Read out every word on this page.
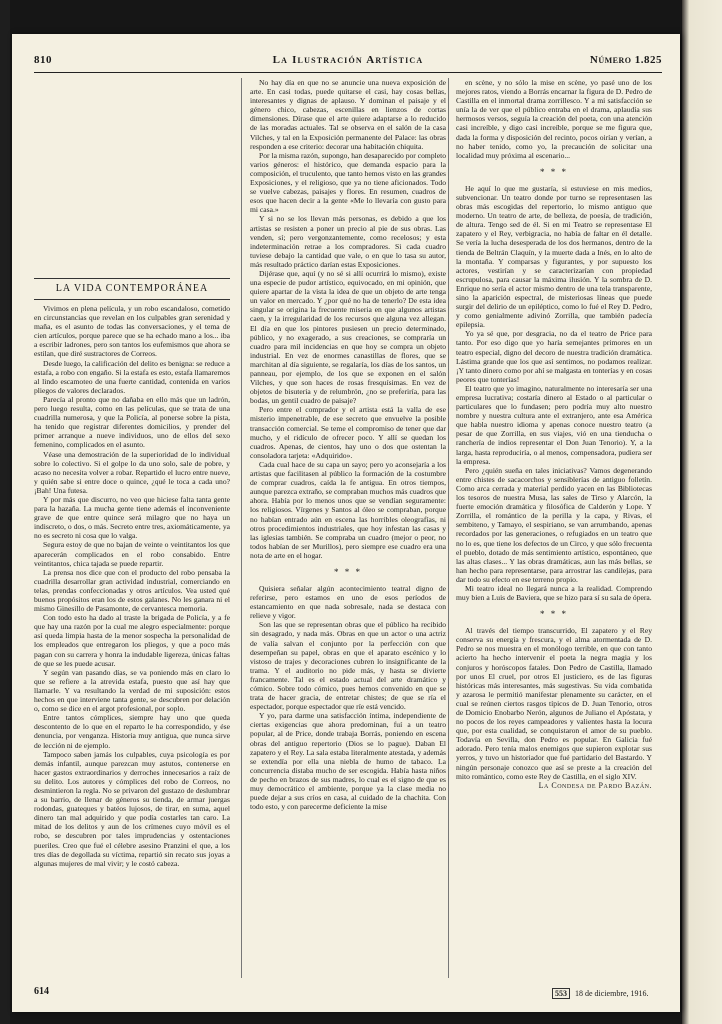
810	La Ilustración Artística	Número 1.825
LA VIDA CONTEMPORÁNEA

Vivimos en plena película, y un robo escandaloso, cometido en circunstancias que revelan en los culpables gran serenidad y maña, es el asunto de todas las conversaciones, y el tema de cien artículos, porque parece que se ha echado mano a los... iba a escribir ladrones, pero son tantos los eufemismos que ahora se estilan, que diré sustractores de Correos.

Desde luego, la calificación del delito es benigna: se reduce a estafa, a robo con engaño. Si la estafa es esto, estafa llamaremos al lindo escamoteo de una fuerte cantidad, contenida en varios pliegos de valores declarados.

Parecía al pronto que no dañaba en ello más que un ladrón, pero luego resulta, como en las películas, que se trata de una cuadrilla numerosa, y que la Policía, al ponerse sobre la pista, ha tenido que registrar diferentes domicilios, y prender del primer arranque a nueve individuos, uno de ellos del sexo femenino, complicados en el asunto.

Véase una demostración de la superioridad de lo individual sobre lo colectivo. Si el golpe lo da uno solo, sale de pobre, y acaso no necesita volver a robar. Repartido el lucro entre nueve, y quién sabe si entre doce o quince, ¿qué le toca a cada uno? ¡Bah! Una futesa.

Y por más que discurro, no veo que hiciese falta tanta gente para la hazaña. La mucha gente tiene además el inconveniente grave de que entre quince será milagro que no haya un indiscreto, o dos, o más. Secreto entre tres, axiomáticamente, ya no es secreto ni cosa que lo valga.

Segura estoy de que no bajan de veinte o veintitantos los que aparecerán complicados en el robo consabido. Entre veintitantos, chica tajada se puede repartir.

La prensa nos dice que con el producto del robo pensaba la cuadrilla desarrollar gran actividad industrial, comerciando en telas, prendas confeccionadas y otros artículos. Vea usted qué buenos propósitos eran los de estos galanes. No les ganara ni el mismo Ginesillo de Pasamonte, de cervantesca memoria.

Con todo esto ha dado al traste la brigada de Policía, y a fe que hay una razón por la cual me alegro especialmente: porque así queda limpia hasta de la menor sospecha la personalidad de los empleados que entregaron los pliegos, y que a poco más pagan con su carrera y honra la indudable ligereza, únicas faltas de que se les puede acusar.

Y según van pasando días, se va poniendo más en claro lo que se refiere a la atrevida estafa, puesto que así hay que llamarle. Y va resultando la verdad de mi suposición: estos hechos en que interviene tanta gente, se descubren por delación o, como se dice en el argot profesional, por soplo.

Entre tantos cómplices, siempre hay uno que queda descontento de lo que en el reparto le ha correspondido, y ése denuncia, por venganza. Historia muy antigua, que nunca sirve de lección ni de ejemplo.

Tampoco saben jamás los culpables, cuya psicología es por demás infantil, aunque parezcan muy astutos, contenerse en hacer gastos extraordinarios y derroches innecesarios a raíz de su delito. Los autores y cómplices del robo de Correos, no desmintieron la regla. No se privaron del gustazo de deslumbrar a su barrio, de llenar de géneros su tienda, de armar juergas rodondas, guateques y batéos lujosos, de tirar, en suma, aquel dinero tan mal adquirido y que podía costarles tan caro. La mitad de los delitos y aun de los crímenes cuyo móvil es el robo, se descubren por tales imprudencias y ostentaciones pueriles. Creo que fué el célebre asesino Pranzini el que, a los tres días de degollada su víctima, repartió sin recato sus joyas a algunas mujeres de mal vivir; y le costó cabeza.

No hay día en que no se anuncie una nueva exposición de arte. En casi todas, puede quitarse el casi, hay cosas bellas, interesantes y dignas de aplauso. Y dominan el paisaje y el género chico, cabezas, escenillas en lienzos de cortas dimensiones. Dírase que el arte quiere adaptarse a lo reducido de las moradas actuales. Tal se observa en el salón de la casa Vilches, y tal en la Exposición permanente del Palace: las obras responden a ese criterio: decorar una habitación chiquita.

Por la misma razón, supongo, han desaparecido por completo varios géneros: el histórico, que demanda espacio para la composición, el truculento, que tanto hemos visto en las grandes Exposiciones, y el religioso, que ya no tiene aficionados. Todo se vuelve cabezas, paisajes y flores. En resumen, cuadros de esos que hacen decir a la gente «Me lo llevaría con gusto para mi casa.»

Y si no se los llevan más personas, es debido a que los artistas se resisten a poner un precio al pie de sus obras. Las venden, sí; pero vergonzantemente, como recelosos; y esta indeterminación retrae a los compradores. Si cada cuadro tuviese debajo la cantidad que vale, o en que lo tasa su autor, más resultado práctico darían estas Exposiciones.

Dijérase que, aquí (y no sé si allí ocurrirá lo mismo), existe una especie de pudor artístico, equivocado, en mi opinión, que quiere apartar de la vista la idea de que un objeto de arte tenga un valor en mercado. Y ¿por qué no ha de tenerlo? De esta idea singular se origina la frecuente miseria en que algunos artistas caen, y la irregularidad de los recursos que alguna vez allegan. El día en que los pintores pusiesen un precio determinado, público, y no exagerado, a sus creaciones, se compraría un cuadro para mil incidencias en que hoy se compra un objeto industrial. En vez de enormes canastillas de flores, que se marchitan al día siguiente, se regalaría, los días de los santos, un panneau, por ejemplo, de los que se exponen en el salón Vilches, y que son haces de rosas fresquísimas. En vez de objetos de bisutería y de relumbrón, ¿no se preferiría, para las bodas, un gentil cuadro de paisaje?

Pero entre el comprador y el artista está la valla de ese misterio impenetrable, de ese secreto que envuelve la posible transacción comercial. Se teme el compromiso de tener que dar mucho, y el ridículo de ofrecer poco. Y allí se quedan los cuadros. Apenas, de cientos, hay uno o dos que ostentan la consoladora tarjeta: «Adquirido».

Cada cual hace de su capa un sayo; pero yo aconsejaría a los artistas que facilitasen al público la formación de la costumbre de comprar cuadros, caída la fe antigua. En otros tiempos, aunque parezca extraño, se compraban muchos más cuadros que ahora. Había por lo menos unos que se vendían seguramente: los religiosos. Vírgenes y Santos al óleo se compraban, porque no habían entrado aún en escena las horribles oleografías, ni otros procedimientos industriales, que hoy infestan las casas y las iglesias también. Se compraba un cuadro (mejor o peor, no todos habían de ser Murillos), pero siempre ese cuadro era una nota de arte en el hogar.

* * *

Quisiera señalar algún acontecimiento teatral digno de referirse, pero estamos en uno de esos períodos de estancamiento en que nada sobresale, nada se destaca con relieve y vigor.

Son las que se representan obras que el público ha recibido sin desagrado, y nada más. Obras en que un actor o una actriz de valía salvan el conjunto por la perfección con que desempeñan su papel, obras en que el aparato escénico y lo vistoso de trajes y decoraciones cubren lo insignificante de la trama. Y el auditorio no pide más, y hasta se divierte francamente. Tal es el estado actual del arte dramático y cómico. Sobre todo cómico, pues hemos convenido en que se trata de hacer gracia, de entretar chistes; de que se ría el espectador, porque espectador que ríe está vencido.

Y yo, para darme una satisfacción íntima, independiente de ciertas exigencias que ahora predominan, fuí a un teatro popular, al de Price, donde trabaja Borrás, poniendo en escena obras del antiguo repertorio (Dios se lo pague). Daban El zapatero y el Rey. La sala estaba literalmente atestada, y además se extendía por ella una niebla de humo de tabaco. La concurrencia distaba mucho de ser escogida. Había hasta niños de pecho en brazos de sus madres, lo cual es el signo de que es muy democrático el ambiente, porque ya la clase media no puede dejar a sus críos en casa, al cuidado de la chachita. Con todo esto, y con parecerme deficiente la mise

en scène, y no sólo la mise en scène, yo pasé uno de los mejores ratos, viendo a Borrás encarnar la figura de D. Pedro de Castilla en el inmortal drama zorrillesco. Y a mi satisfacción se unía la de ver que el público entraba en el drama, aplaudía sus hermosos versos, seguía la creación del poeta, con una atención casi increíble, y digo casi increíble, porque se me figura que, dada la forma y disposición del recinto, pocos oirían y verían, a no haber tenido, como yo, la precaución de solicitar una localidad muy próxima al escenario...

* * *

He aquí lo que me gustaría, si estuviese en mis medios, subvencionar. Un teatro donde por turno se representasen las obras más escogidas del repertorio, lo mismo antiguo que moderno. Un teatro de arte, de belleza, de poesía, de tradición, de altura. Tengo sed de él. Si en mi Teatro se representase El zapatero y el Rey, verbigracia, no había de faltar en él detalle. Se vería la lucha desesperada de los dos hermanos, dentro de la tienda de Beltrán Claquín, y la muerte dada a Inés, en lo alto de la montaña. Y comparsas y figurantes, y por supuesto los actores, vestirían y se caracterizarían con propiedad escrupulosa, para causar la máxima ilusión. Y la sombra de D. Enrique no sería el actor mismo dentro de una tela transparente, sino la aparición espectral, de misteriosas líneas que puede surgir del delirio de un epiléptico, como lo fué el Rey D. Pedro, y como genialmente adivinó Zorrilla, que también padecía epilepsia.

Yo ya sé que, por desgracia, no da el teatro de Price para tanto. Por eso digo que yo haría semejantes primores en un teatro especial, digno del decoro de nuestra tradición dramática. Lástima grande que los que así sentimos, no podamos realizar. ¡Y tanto dinero como por ahí se malgasta en tonterías y en cosas peores que tonterías!

El teatro que yo imagino, naturalmente no interesaría ser una empresa lucrativa; costaría dinero al Estado o al particular o particulares que lo fundasen; pero podría muy alto nuestro nombre y nuestra cultura ante el extranjero, ante esa América que habla nuestro idioma y apenas conoce nuestro teatro (a pesar de que Zorrilla, en sus viajes, vió en una tienducha o ranchería de indios representar el Don Juan Tenorio). Y, a la larga, hasta reproduciría, o al menos, compensadora, pudiera ser la empresa.

Pero ¿quién sueña en tales iniciativas? Vamos degenerando entre chistes de sacacorchos y sensiblerías de antiguo folletín. Como arca cerrada y material perdido yacen en las Bibliotecas los tesoros de nuestra Musa, las sales de Tirso y Alarcón, la fuerte emoción dramática y filosófica de Calderón y Lope. Y Zorrilla, el romántico de la perilla y la capa, y Rivas, el sembiteno, y Tamayo, el sespiriano, se van arrumbando, apenas recordados por las generaciones, o refugiados en un teatro que no lo es, que tiene los defectos de un Circo, y que sólo frecuenta el pueblo, dotado de más sentimiento artístico, espontáneo, que las altas clases... Y las obras dramáticas, aun las más bellas, se han hecho para representarse, para arrostrar las candilejas, para dar todo su efecto en ese terreno propio.

Mi teatro ideal no llegará nunca a la realidad. Comprendo muy bien a Luis de Baviera, que se hizo para sí su sala de ópera.

* * *

Al través del tiempo transcurrido, El zapatero y el Rey conserva su energía y frescura, y el alma atormentada de D. Pedro se nos muestra en el monólogo terrible, en que con tanto acierto ha hecho intervenir el poeta la negra magia y los conjuros y horóscopos fatales. Don Pedro de Castilla, llamado por unos El cruel, por otros El justiciero, es de las figuras históricas más interesantes, más sugestivas. Su vida combatida y azarosa le permitió manifestar plenamente su carácter, en el cual se reúnen ciertos rasgos típicos de D. Juan Tenorio, otros de Domicio Enobarbo Nerón, algunos de Juliano el Apóstata, y no pocos de los reyes campeadores y valientes hasta la locura que, por esta cualidad, se conquistaron el amor de su pueblo. Todavía en Sevilla, don Pedro es popular. En Galicia fué adorado. Pero tenía malos enemigos que supieron explotar sus yerros, y tuvo un historiador que fué partidario del Bastardo. Y ningún personaje conozco que así se preste a la creación del mito romántico, como este Rey de Castilla, en el siglo XIV.

La Condesa de Pardo Bazán.

614	553 18 de diciembre, 1916.
